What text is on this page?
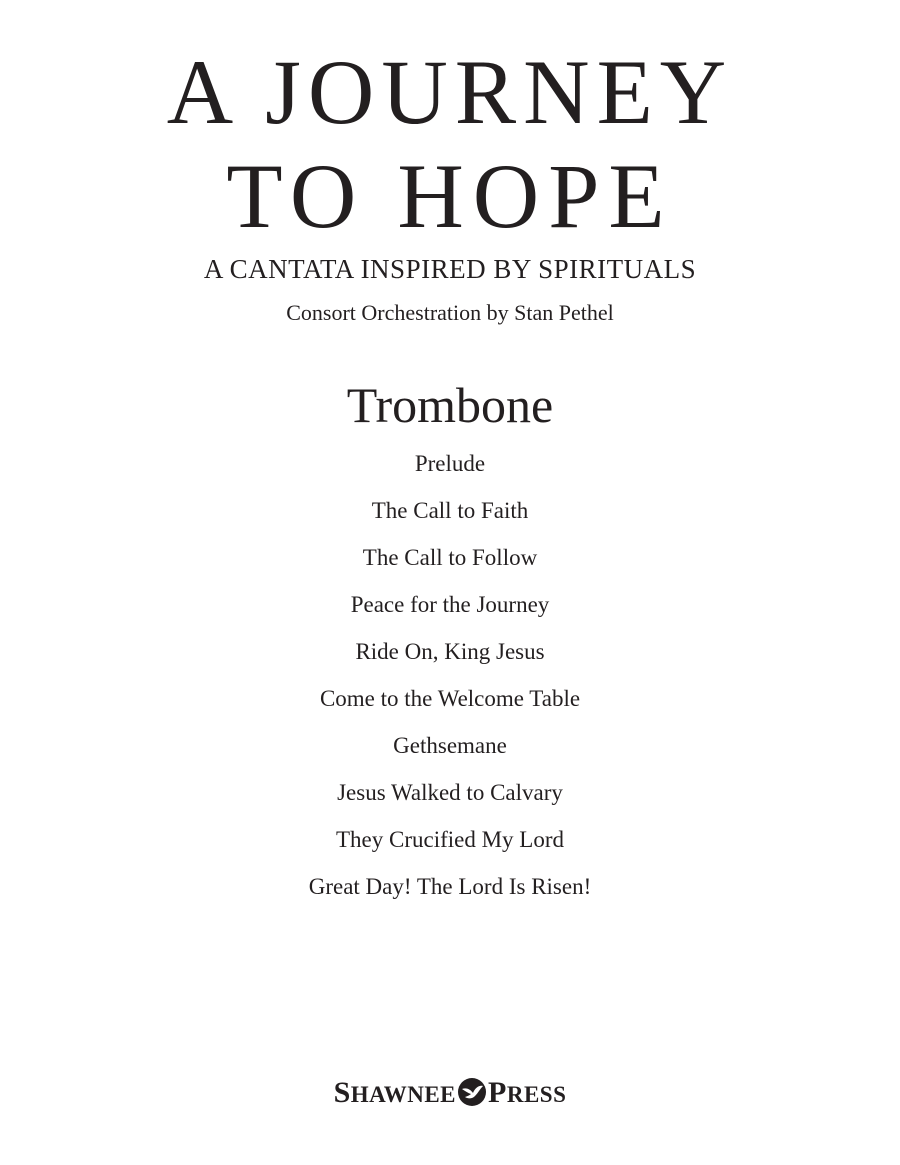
A JOURNEY
TO HOPE
A CANTATA INSPIRED BY SPIRITUALS
Consort Orchestration by Stan Pethel
Trombone
Prelude
The Call to Faith
The Call to Follow
Peace for the Journey
Ride On, King Jesus
Come to the Welcome Table
Gethsemane
Jesus Walked to Calvary
They Crucified My Lord
Great Day! The Lord Is Risen!
SHAWNEE PRESS
